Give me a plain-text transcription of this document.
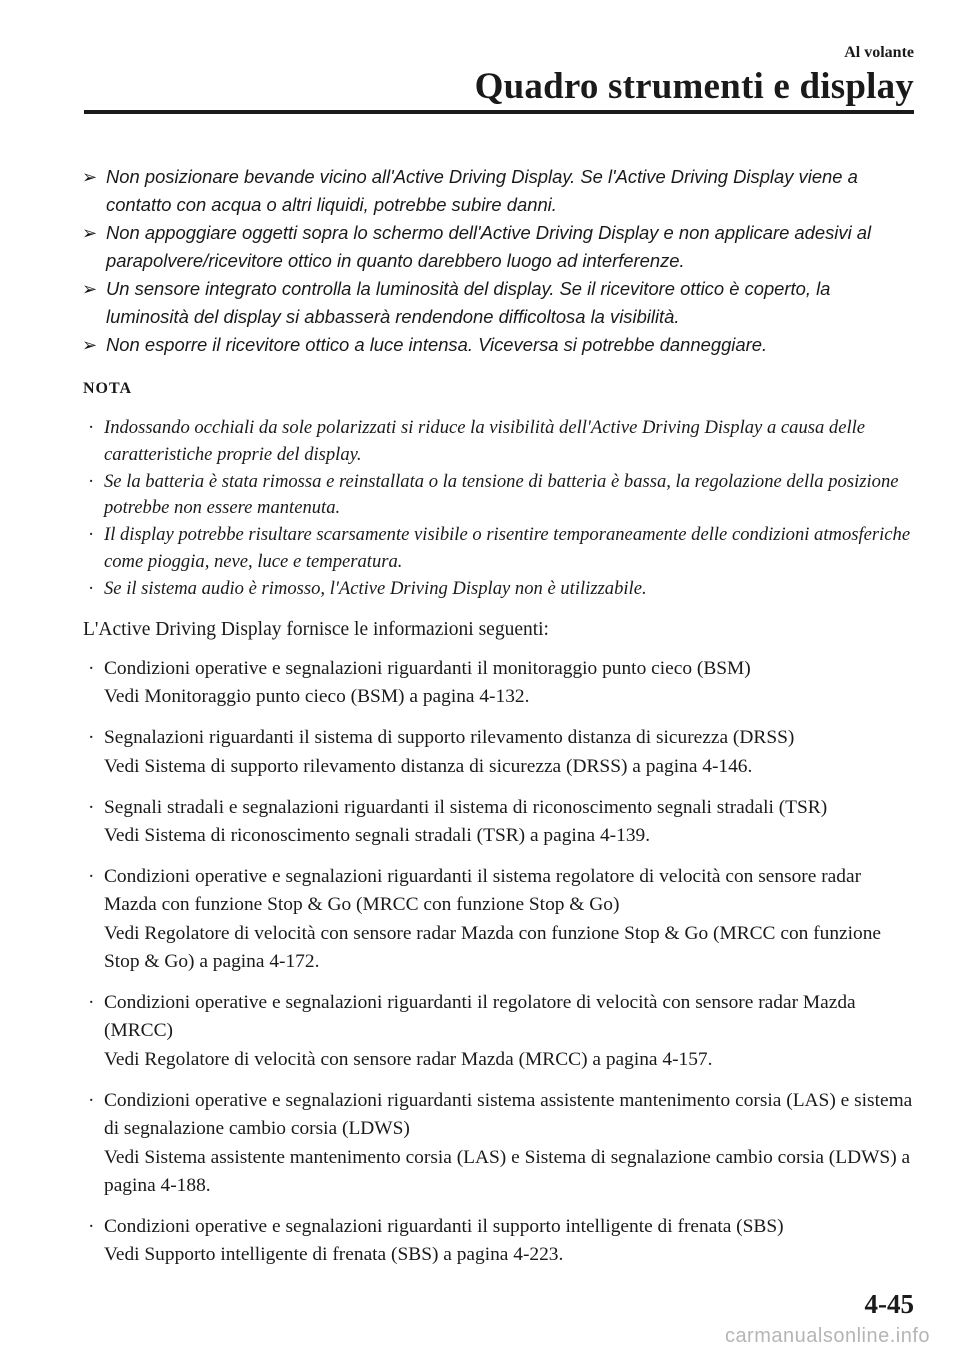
Al volante
Quadro strumenti e display
➢ Non posizionare bevande vicino all'Active Driving Display. Se l'Active Driving Display viene a contatto con acqua o altri liquidi, potrebbe subire danni.
➢ Non appoggiare oggetti sopra lo schermo dell'Active Driving Display e non applicare adesivi al parapolvere/ricevitore ottico in quanto darebbero luogo ad interferenze.
➢ Un sensore integrato controlla la luminosità del display. Se il ricevitore ottico è coperto, la luminosità del display si abbasserà rendendone difficoltosa la visibilità.
➢ Non esporre il ricevitore ottico a luce intensa. Viceversa si potrebbe danneggiare.
NOTA
· Indossando occhiali da sole polarizzati si riduce la visibilità dell'Active Driving Display a causa delle caratteristiche proprie del display.
· Se la batteria è stata rimossa e reinstallata o la tensione di batteria è bassa, la regolazione della posizione potrebbe non essere mantenuta.
· Il display potrebbe risultare scarsamente visibile o risentire temporaneamente delle condizioni atmosferiche come pioggia, neve, luce e temperatura.
· Se il sistema audio è rimosso, l'Active Driving Display non è utilizzabile.
L'Active Driving Display fornisce le informazioni seguenti:
· Condizioni operative e segnalazioni riguardanti il monitoraggio punto cieco (BSM)
Vedi Monitoraggio punto cieco (BSM) a pagina 4-132.
· Segnalazioni riguardanti il sistema di supporto rilevamento distanza di sicurezza (DRSS)
Vedi Sistema di supporto rilevamento distanza di sicurezza (DRSS) a pagina 4-146.
· Segnali stradali e segnalazioni riguardanti il sistema di riconoscimento segnali stradali (TSR)
Vedi Sistema di riconoscimento segnali stradali (TSR) a pagina 4-139.
· Condizioni operative e segnalazioni riguardanti il sistema regolatore di velocità con sensore radar Mazda con funzione Stop & Go (MRCC con funzione Stop & Go)
Vedi Regolatore di velocità con sensore radar Mazda con funzione Stop & Go (MRCC con funzione Stop & Go) a pagina 4-172.
· Condizioni operative e segnalazioni riguardanti il regolatore di velocità con sensore radar Mazda (MRCC)
Vedi Regolatore di velocità con sensore radar Mazda (MRCC) a pagina 4-157.
· Condizioni operative e segnalazioni riguardanti sistema assistente mantenimento corsia (LAS) e sistema di segnalazione cambio corsia (LDWS)
Vedi Sistema assistente mantenimento corsia (LAS) e Sistema di segnalazione cambio corsia (LDWS) a pagina 4-188.
· Condizioni operative e segnalazioni riguardanti il supporto intelligente di frenata (SBS)
Vedi Supporto intelligente di frenata (SBS) a pagina 4-223.
4-45
carmanualsonline.info
